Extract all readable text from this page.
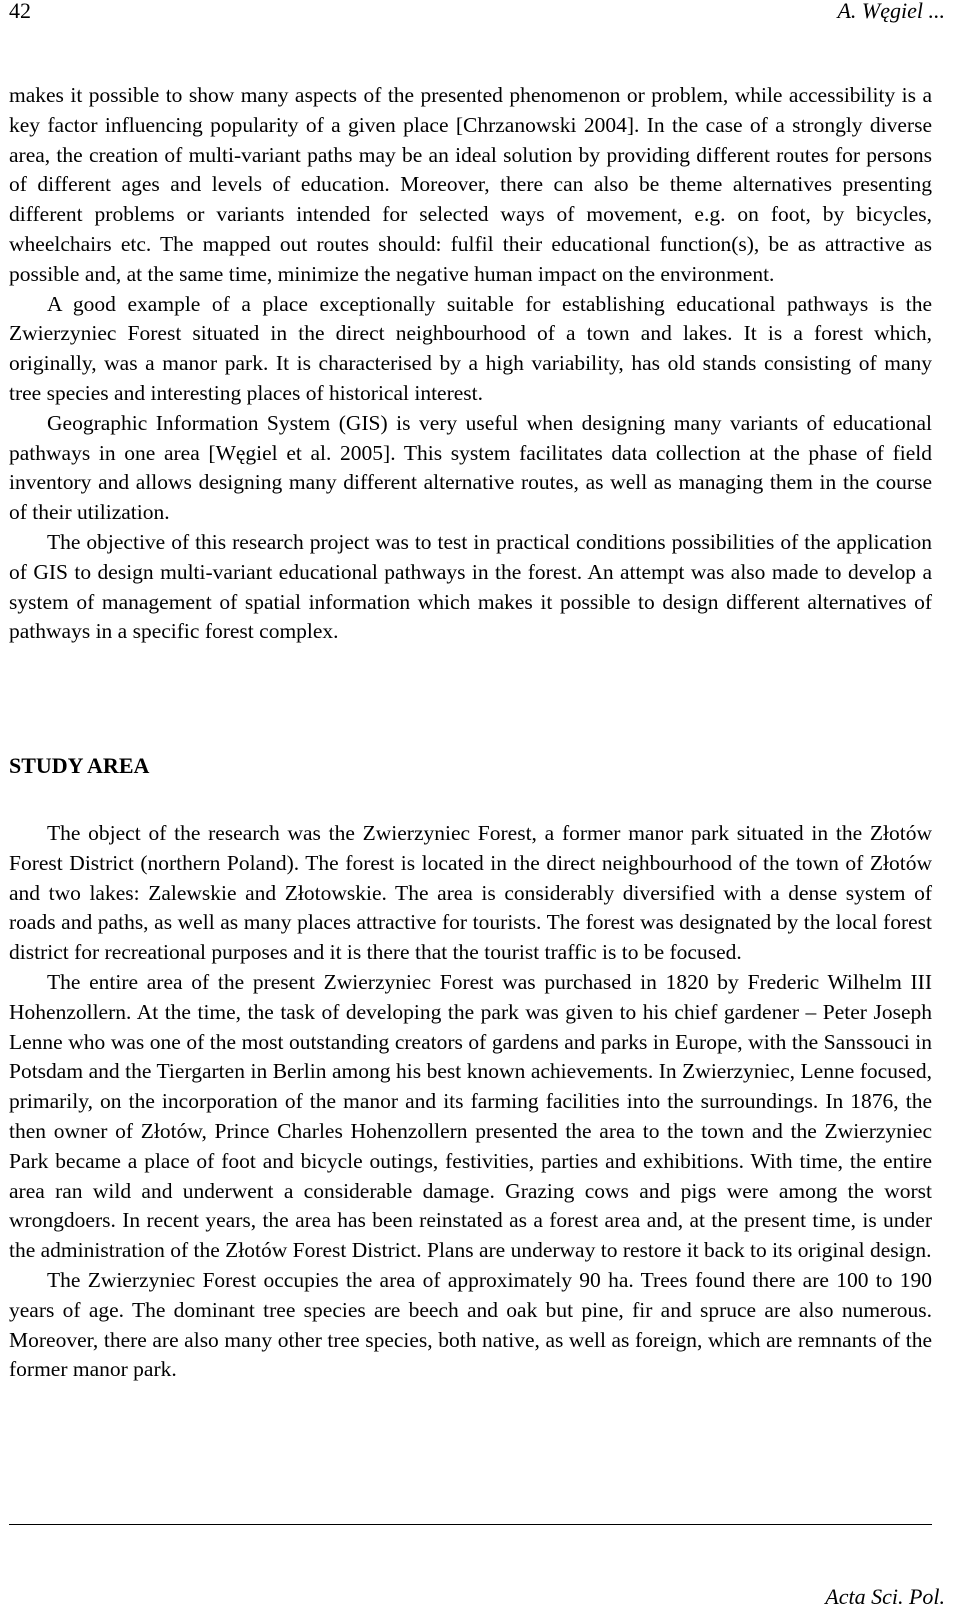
42	A. Węgiel ...

makes it possible to show many aspects of the presented phenomenon or problem, while accessibility is a key factor influencing popularity of a given place [Chrzanowski 2004]. In the case of a strongly diverse area, the creation of multi-variant paths may be an ideal solution by providing different routes for persons of different ages and levels of education. Moreover, there can also be theme alternatives presenting different problems or variants intended for selected ways of movement, e.g. on foot, by bicycles, wheelchairs etc. The mapped out routes should: fulfil their educational function(s), be as attractive as possible and, at the same time, minimize the negative human impact on the environment.

A good example of a place exceptionally suitable for establishing educational pathways is the Zwierzyniec Forest situated in the direct neighbourhood of a town and lakes. It is a forest which, originally, was a manor park. It is characterised by a high variability, has old stands consisting of many tree species and interesting places of historical interest.

Geographic Information System (GIS) is very useful when designing many variants of educational pathways in one area [Węgiel et al. 2005]. This system facilitates data collection at the phase of field inventory and allows designing many different alternative routes, as well as managing them in the course of their utilization.

The objective of this research project was to test in practical conditions possibilities of the application of GIS to design multi-variant educational pathways in the forest. An attempt was also made to develop a system of management of spatial information which makes it possible to design different alternatives of pathways in a specific forest complex.

STUDY AREA

The object of the research was the Zwierzyniec Forest, a former manor park situated in the Złotów Forest District (northern Poland). The forest is located in the direct neighbourhood of the town of Złotów and two lakes: Zalewskie and Złotowskie. The area is considerably diversified with a dense system of roads and paths, as well as many places attractive for tourists. The forest was designated by the local forest district for recreational purposes and it is there that the tourist traffic is to be focused.

The entire area of the present Zwierzyniec Forest was purchased in 1820 by Frederic Wilhelm III Hohenzollern. At the time, the task of developing the park was given to his chief gardener – Peter Joseph Lenne who was one of the most outstanding creators of gardens and parks in Europe, with the Sanssouci in Potsdam and the Tiergarten in Berlin among his best known achievements. In Zwierzyniec, Lenne focused, primarily, on the incorporation of the manor and its farming facilities into the surroundings. In 1876, the then owner of Złotów, Prince Charles Hohenzollern presented the area to the town and the Zwierzyniec Park became a place of foot and bicycle outings, festivities, parties and exhibitions. With time, the entire area ran wild and underwent a considerable damage. Grazing cows and pigs were among the worst wrongdoers. In recent years, the area has been reinstated as a forest area and, at the present time, is under the administration of the Złotów Forest District. Plans are underway to restore it back to its original design.

The Zwierzyniec Forest occupies the area of approximately 90 ha. Trees found there are 100 to 190 years of age. The dominant tree species are beech and oak but pine, fir and spruce are also numerous. Moreover, there are also many other tree species, both native, as well as foreign, which are remnants of the former manor park.

Acta Sci. Pol.
